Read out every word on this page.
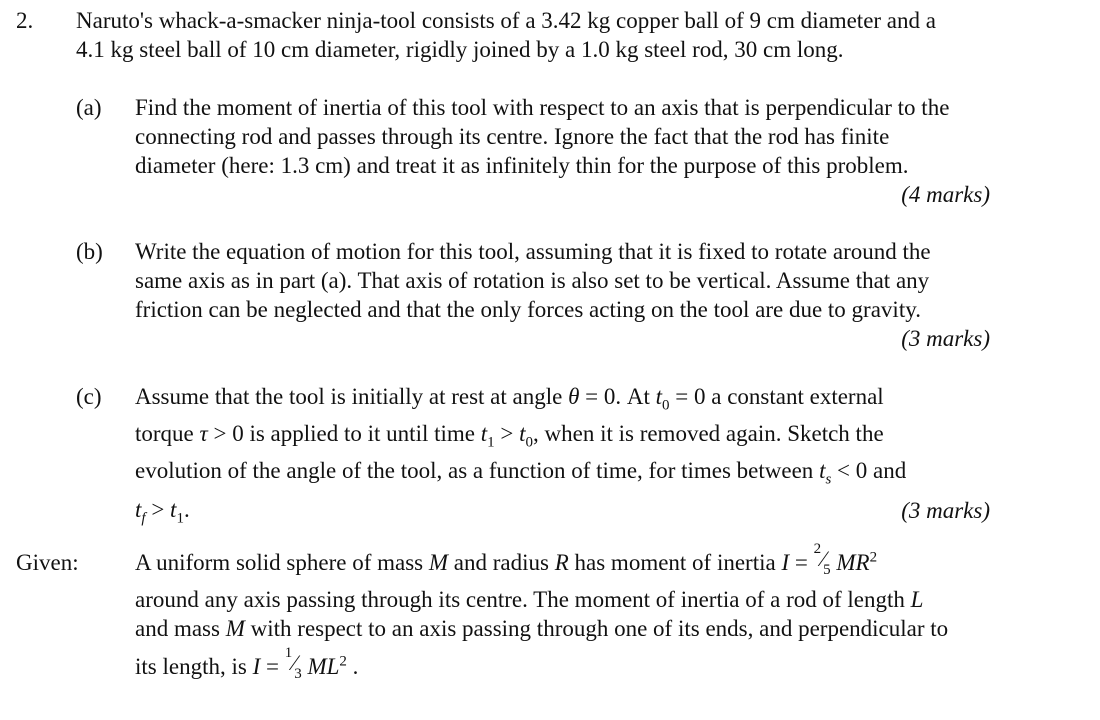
2. Naruto's whack-a-smacker ninja-tool consists of a 3.42 kg copper ball of 9 cm diameter and a
4.1 kg steel ball of 10 cm diameter, rigidly joined by a 1.0 kg steel rod, 30 cm long.
(a) Find the moment of inertia of this tool with respect to an axis that is perpendicular to the
connecting rod and passes through its centre. Ignore the fact that the rod has finite
diameter (here: 1.3 cm) and treat it as infinitely thin for the purpose of this problem.
(4 marks)
(b) Write the equation of motion for this tool, assuming that it is fixed to rotate around the
same axis as in part (a). That axis of rotation is also set to be vertical. Assume that any
friction can be neglected and that the only forces acting on the tool are due to gravity.
(3 marks)
(c) Assume that the tool is initially at rest at angle θ = 0. At $t_0 = 0$ a constant external
torque τ > 0 is applied to it until time $t_1 > t_0$, when it is removed again. Sketch the
evolution of the angle of the tool, as a function of time, for times between $t_s < 0$ and
$t_f > t_1$.	(3 marks)
Given: A uniform solid sphere of mass M and radius R has moment of inertia I =
2 ⁄
5 $MR^2$
around any axis passing through its centre. The moment of inertia of a rod of length L
and mass M with respect to an axis passing through one of its ends, and perpendicular to
its length, is I =
1 ⁄
3 $ML^2$ .
